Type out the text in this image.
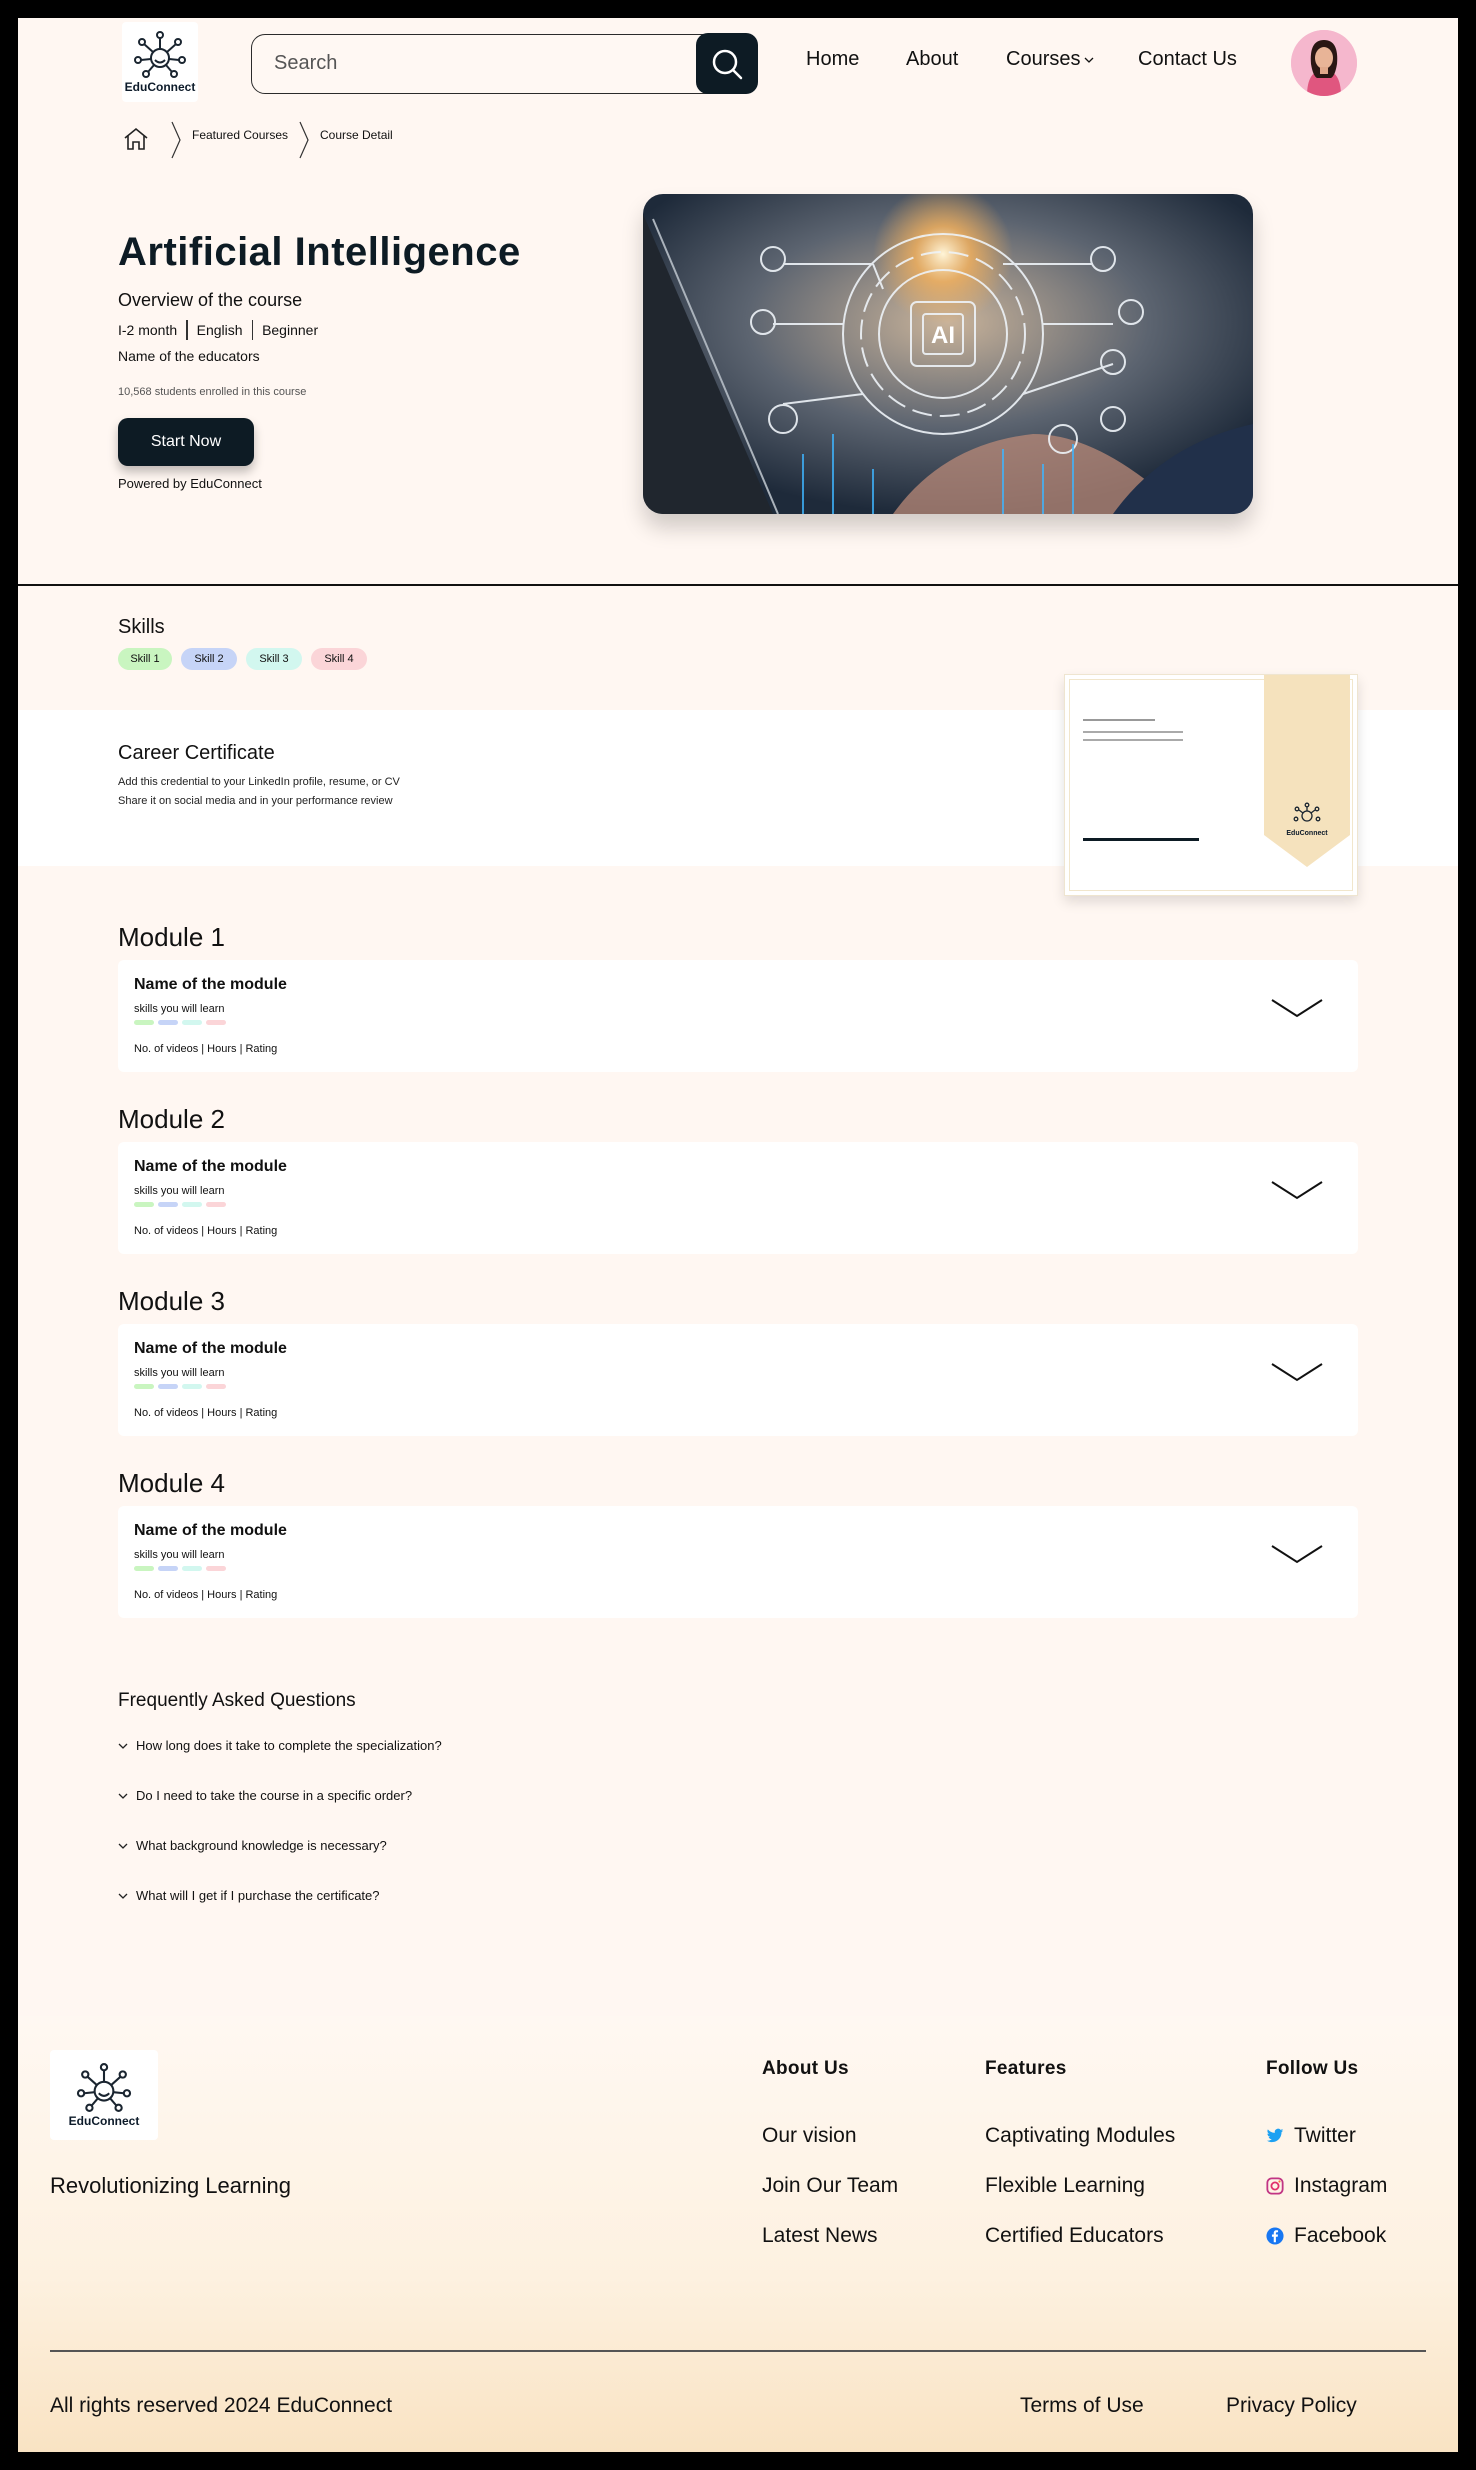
EduConnect
Search
Home About Courses	Contact Us
Featured Courses	Course Detail
Artificial Intelligence
Overview of the course
I-2 month English Beginner
Name of the educators
10,568 students enrolled in this course
Start Now
Powered by EduConnect
AI
Skills
Skill 1	Skill 2	Skill 3	Skill 4
Career Certificate
Add this credential to your LinkedIn profile, resume, or CV
Share it on social media and in your performance review
EduConnect
Module 1
Name of the module
skills you will learn
No. of videos | Hours | Rating
Module 2
Name of the module
skills you will learn
No. of videos | Hours | Rating
Module 3
Name of the module
skills you will learn
No. of videos | Hours | Rating
Module 4
Name of the module
skills you will learn
No. of videos | Hours | Rating
Frequently Asked Questions
How long does it take to complete the specialization?
Do I need to take the course in a specific order?
What background knowledge is necessary?
What will I get if I purchase the certificate?
EduConnect
Revolutionizing Learning
About Us
Our vision
Join Our Team
Latest News
Features
Captivating Modules
Flexible Learning
Certified Educators
Follow Us
Twitter
Instagram
Facebook
All rights reserved 2024 EduConnect	Terms of Use	Privacy Policy
